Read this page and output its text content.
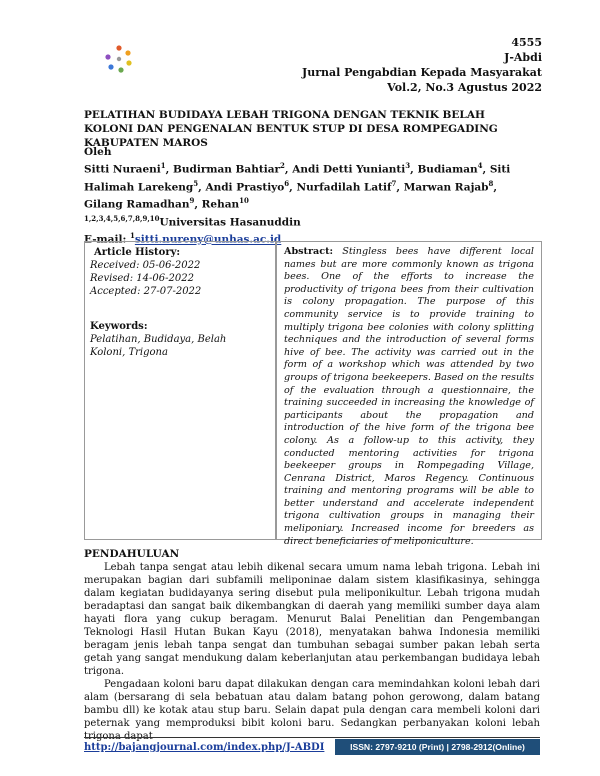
4555
J-Abdi
Jurnal Pengabdian Kepada Masyarakat
Vol.2, No.3 Agustus 2022
PELATIHAN BUDIDAYA LEBAH TRIGONA DENGAN TEKNIK BELAH KOLONI DAN PENGENALAN BENTUK STUP DI DESA ROMPEGADING KABUPATEN MAROS
Oleh
Sitti Nuraeni$^1$, Budirman Bahtiar$^2$, Andi Detti Yunianti$^3$, Budiaman$^4$, Siti Halimah Larekeng$^5$, Andi Prastiyo$^6$, Nurfadilah Latif$^7$, Marwan Rajab$^8$, Gilang Ramadhan$^9$, Rehan$^{10}$
$^{1,2,3,4,5,6,7,8,9,10}$Universitas Hasanuddin
E-mail: $^1$sitti.nureny@unhas.ac.id
Article History:
Received: 05-06-2022
Revised: 14-06-2022
Accepted: 27-07-2022
Keywords:
Pelatihan, Budidaya, Belah Koloni, Trigona
Abstract: Stingless bees have different local names but are more commonly known as trigona bees. One of the efforts to increase the productivity of trigona bees from their cultivation is colony propagation. The purpose of this community service is to provide training to multiply trigona bee colonies with colony splitting techniques and the introduction of several forms hive of bee. The activity was carried out in the form of a workshop which was attended by two groups of trigona beekeepers. Based on the results of the evaluation through a questionnaire, the training succeeded in increasing the knowledge of participants about the propagation and introduction of the hive form of the trigona bee colony. As a follow-up to this activity, they conducted mentoring activities for trigona beekeeper groups in Rompegading Village, Cenrana District, Maros Regency. Continuous training and mentoring programs will be able to better understand and accelerate independent trigona cultivation groups in managing their meliponiary. Increased income for breeders as direct beneficiaries of meliponiculture.
PENDAHULUAN

Lebah tanpa sengat atau lebih dikenal secara umum nama lebah trigona. Lebah ini merupakan bagian dari subfamili meliponinae dalam sistem klasifikasinya, sehingga dalam kegiatan budidayanya sering disebut pula meliponikultur. Lebah trigona mudah beradaptasi dan sangat baik dikembangkan di daerah yang memiliki sumber daya alam hayati flora yang cukup beragam. Menurut Balai Penelitian dan Pengembangan Teknologi Hasil Hutan Bukan Kayu (2018), menyatakan bahwa Indonesia memiliki beragam jenis lebah tanpa sengat dan tumbuhan sebagai sumber pakan lebah serta getah yang sangat mendukung dalam keberlanjutan atau perkembangan budidaya lebah trigona.

Pengadaan koloni baru dapat dilakukan dengan cara memindahkan koloni lebah dari alam (bersarang di sela bebatuan atau dalam batang pohon gerowong, dalam batang bambu dll) ke kotak atau stup baru. Selain dapat pula dengan cara membeli koloni dari peternak yang memproduksi bibit koloni baru. Sedangkan perbanyakan koloni lebah

http://bajangjournal.com/index.php/J-ABDI	ISSN: 2797-9210 (Print) | 2798-2912(Online)
